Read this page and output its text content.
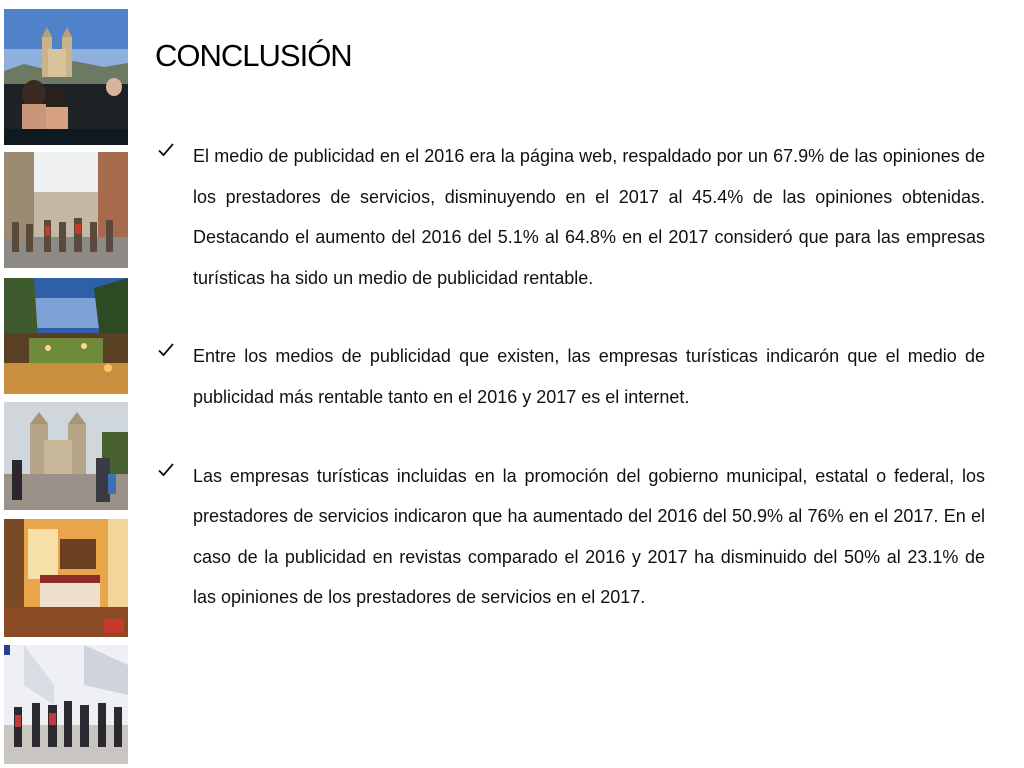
CONCLUSIÓN
El medio de publicidad en el 2016 era la página web, respaldado por un 67.9% de las opiniones de los prestadores de servicios, disminuyendo en el 2017 al 45.4% de las opiniones obtenidas. Destacando el aumento del 2016 del 5.1% al 64.8% en el 2017 consideró que para las empresas turísticas ha sido un medio de publicidad rentable.
Entre los medios de publicidad que existen, las empresas turísticas indicarón que el medio de publicidad más rentable tanto en el 2016 y 2017 es el internet.
Las empresas turísticas incluidas en la promoción del gobierno municipal, estatal o federal, los prestadores de servicios indicaron que ha aumentado del 2016 del 50.9% al 76% en el 2017. En el caso de la publicidad en revistas comparado el 2016 y 2017 ha disminuido del 50% al 23.1% de las opiniones de los prestadores de servicios en el 2017.
